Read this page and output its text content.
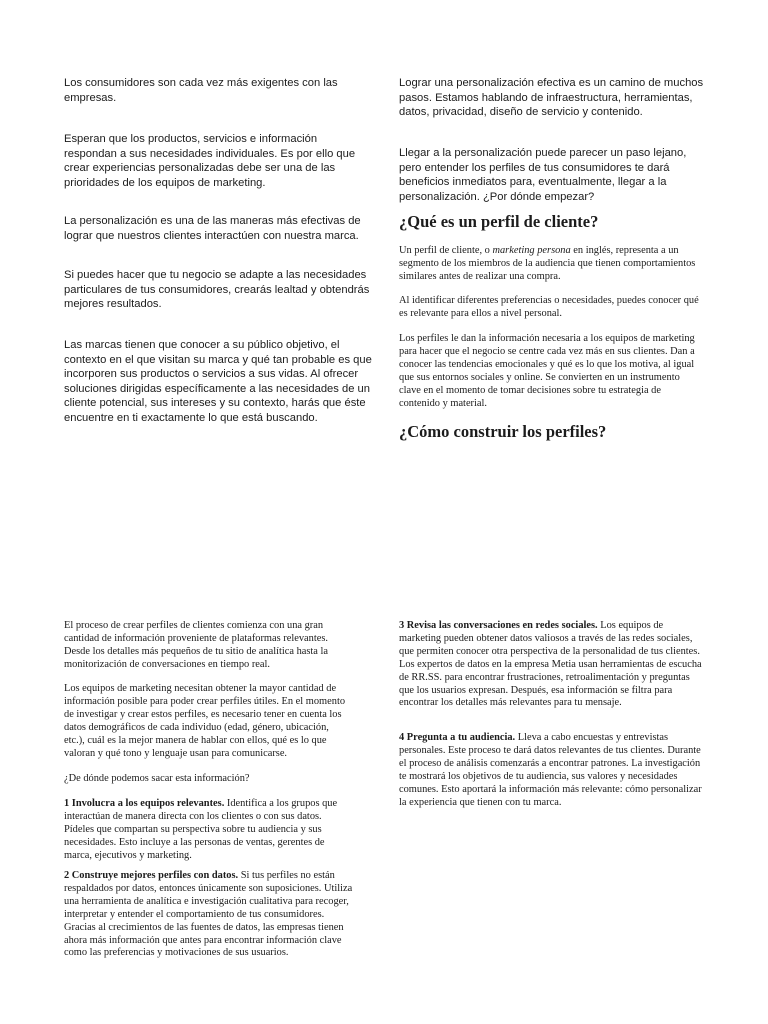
Los consumidores son cada vez más exigentes con las empresas.

Esperan que los productos, servicios e información respondan a sus necesidades individuales. Es por ello que crear experiencias personalizadas debe ser una de las prioridades de los equipos de marketing.

La personalización es una de las maneras más efectivas de lograr que nuestros clientes interactúen con nuestra marca.

Si puedes hacer que tu negocio se adapte a las necesidades particulares de tus consumidores, crearás lealtad y obtendrás mejores resultados.

Las marcas tienen que conocer a su público objetivo, el contexto en el que visitan su marca y qué tan probable es que incorporen sus productos o servicios a sus vidas. Al ofrecer soluciones dirigidas específicamente a las necesidades de un cliente potencial, sus intereses y su contexto, harás que éste encuentre en ti exactamente lo que está buscando.

Lograr una personalización efectiva es un camino de muchos pasos. Estamos hablando de infraestructura, herramientas, datos, privacidad, diseño de servicio y contenido.

Llegar a la personalización puede parecer un paso lejano, pero entender los perfiles de tus consumidores te dará beneficios inmediatos para, eventualmente, llegar a la personalización. ¿Por dónde empezar?

¿Qué es un perfil de cliente?

Un perfil de cliente, o marketing persona en inglés, representa a un segmento de los miembros de la audiencia que tienen comportamientos similares antes de realizar una compra.

Al identificar diferentes preferencias o necesidades, puedes conocer qué es relevante para ellos a nivel personal.

Los perfiles le dan la información necesaria a los equipos de marketing para hacer que el negocio se centre cada vez más en sus clientes. Dan a conocer las tendencias emocionales y qué es lo que los motiva, al igual que sus entornos sociales y online. Se convierten en un instrumento clave en el momento de tomar decisiones sobre tu estrategia de contenido y material.

¿Cómo construir los perfiles?

El proceso de crear perfiles de clientes comienza con una gran cantidad de información proveniente de plataformas relevantes. Desde los detalles más pequeños de tu sitio de analítica hasta la monitorización de conversaciones en tiempo real.

Los equipos de marketing necesitan obtener la mayor cantidad de información posible para poder crear perfiles útiles. En el momento de investigar y crear estos perfiles, es necesario tener en cuenta los datos demográficos de cada individuo (edad, género, ubicación, etc.), cuál es la mejor manera de hablar con ellos, qué es lo que valoran y qué tono y lenguaje usan para comunicarse.

¿De dónde podemos sacar esta información?

1 Involucra a los equipos relevantes. Identifica a los grupos que interactúan de manera directa con los clientes o con sus datos. Pídeles que compartan su perspectiva sobre tu audiencia y sus necesidades. Esto incluye a las personas de ventas, gerentes de marca, ejecutivos y marketing.

2 Construye mejores perfiles con datos. Si tus perfiles no están respaldados por datos, entonces únicamente son suposiciones. Utiliza una herramienta de analítica e investigación cualitativa para recoger, interpretar y entender el comportamiento de tus consumidores. Gracias al crecimientos de las fuentes de datos, las empresas tienen ahora más información que antes para encontrar información clave como las preferencias y motivaciones de sus usuarios.

3 Revisa las conversaciones en redes sociales. Los equipos de marketing pueden obtener datos valiosos a través de las redes sociales, que permiten conocer otra perspectiva de la personalidad de tus clientes. Los expertos de datos en la empresa Metia usan herramientas de escucha de RR.SS. para encontrar frustraciones, retroalimentación y preguntas que los usuarios expresan. Después, esa información se filtra para encontrar los detalles más relevantes para tu mensaje.

4 Pregunta a tu audiencia. Lleva a cabo encuestas y entrevistas personales. Este proceso te dará datos relevantes de tus clientes. Durante el proceso de análisis comenzarás a encontrar patrones. La investigación te mostrará los objetivos de tu audiencia, sus valores y necesidades comunes. Esto aportará la información más relevante: cómo personalizar la experiencia que tienen con tu marca.
